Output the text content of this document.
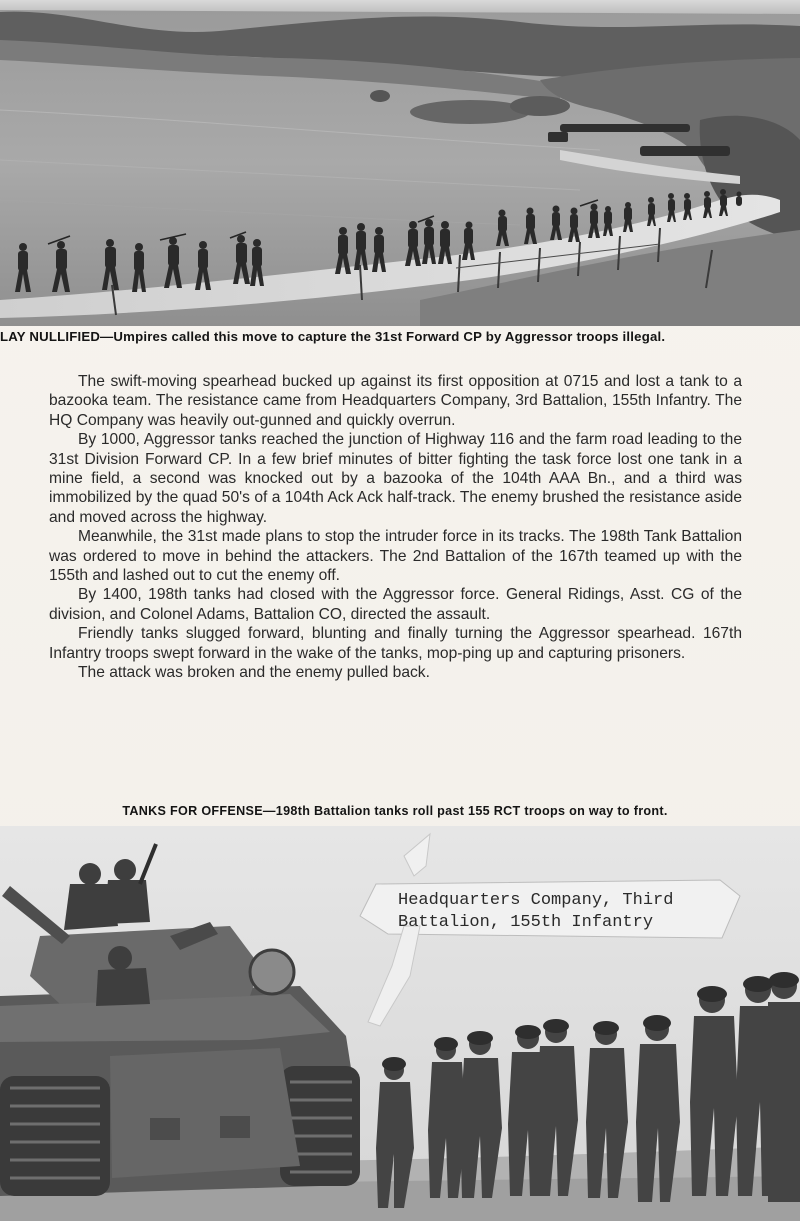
LAY NULLIFIED—Umpires called this move to capture the 31st Forward CP by Aggressor troops illegal.

The swift-moving spearhead bucked up against its first opposition at 0715 and lost a tank to a bazooka team. The resistance came from Headquarters Company, 3rd Battalion, 155th Infantry. The HQ Company was heavily out-gunned and quickly overrun.

By 1000, Aggressor tanks reached the junction of Highway 116 and the farm road leading to the 31st Division Forward CP. In a few brief minutes of bitter fighting the task force lost one tank in a mine field, a second was knocked out by a bazooka of the 104th AAA Bn., and a third was immobilized by the quad 50's of a 104th Ack Ack half-track. The enemy brushed the resistance aside and moved across the highway.

Meanwhile, the 31st made plans to stop the intruder force in its tracks. The 198th Tank Battalion was ordered to move in behind the attackers. The 2nd Battalion of the 167th teamed up with the 155th and lashed out to cut the enemy off.

By 1400, 198th tanks had closed with the Aggressor force. General Ridings, Asst. CG of the division, and Colonel Adams, Battalion CO, directed the assault.

Friendly tanks slugged forward, blunting and finally turning the Aggressor spearhead. 167th Infantry troops swept forward in the wake of the tanks, mop-ping up and capturing prisoners.

The attack was broken and the enemy pulled back.

TANKS FOR OFFENSE—198th Battalion tanks roll past 155 RCT troops on way to front.
Headquarters Company, Third
Battalion, 155th Infantry
